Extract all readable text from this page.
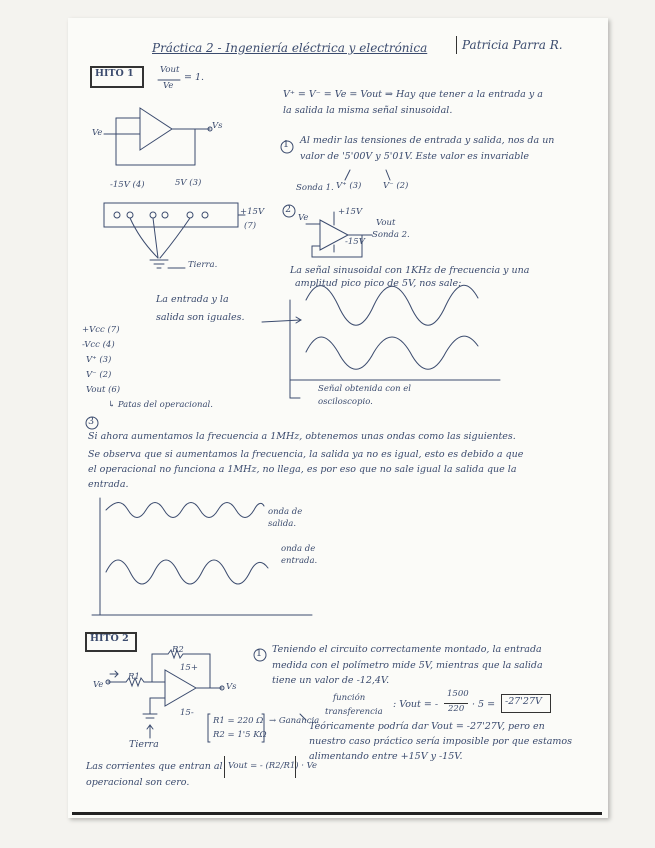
Práctica 2 - Ingeniería eléctrica y electrónica	Patricia Parra R.
HITO 1	Vout
Ve
= 1.
V⁺ = V⁻ = Ve = Vout ⇒ Hay que tener a la entrada y a
la salida la misma señal sinusoidal.
Ve
Vs
1 Al medir las tensiones de entrada y salida, nos da un
valor de '5'00V y 5'01V. Este valor es invariable
Sonda 1. V⁺ (3)	V⁻ (2)
-15V (4)	5V (3)
+15V
(7)
Tierra.
2	+15V
-15V
Ve	Vout
Sonda 2.
La señal sinusoidal con 1KHz de frecuencia y una
amplitud pico pico de 5V, nos sale:
La entrada y la
salida son iguales.
+Vcc (7)
-Vcc (4)
V⁺ (3)
V⁻ (2)
Vout (6)
↳ Patas del operacional.
Señal obtenida con el
osciloscopio.
3
Si ahora aumentamos la frecuencia a 1MHz, obtenemos unas ondas como las siguientes.
Se observa que si aumentamos la frecuencia, la salida ya no es igual, esto es debido a que
el operacional no funciona a 1MHz, no llega, es por eso que no sale igual la salida que la
entrada.
onda de
salida.
onda de
entrada.
HITO 2
R2
R1
Ve	Vs
15+
15-
Tierra
1 Teniendo el circuito correctamente montado, la entrada
medida con el polímetro mide 5V, mientras que la salida
tiene un valor de -12,4V.
función
transferencia
: Vout = -
1500
220 · 5 = -27'27V
R1 = 220 Ω
R2 = 1'5 KΩ
→ Ganancia
Teóricamente podría dar Vout = -27'27V, pero en
nuestro caso práctico sería imposible por que estamos
alimentando entre +15V y -15V.
Las corrientes que entran al
operacional son cero.
Vout = - (R2/R1) · Ve
